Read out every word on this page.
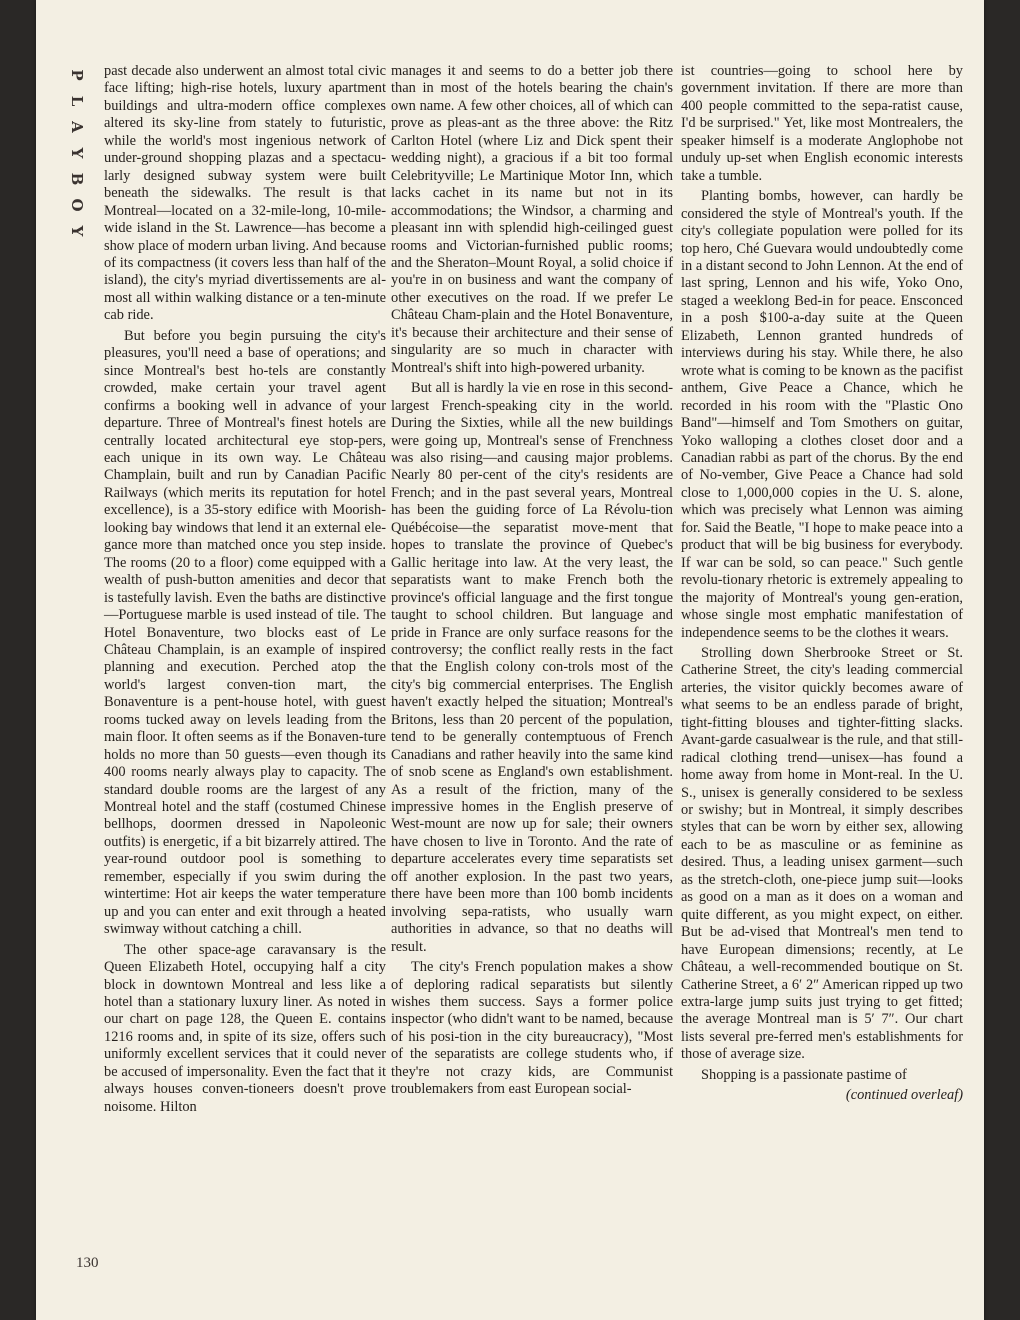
P
L
A
Y
B
O
Y
130

past decade also underwent an almost total civic face lifting; high-rise hotels, luxury apartment buildings and ultra-modern office complexes altered its sky-line from stately to futuristic, while the world's most ingenious network of under-ground shopping plazas and a spectacu-larly designed subway system were built beneath the sidewalks. The result is that Montreal—located on a 32-mile-long, 10-mile-wide island in the St. Lawrence—has become a show place of modern urban living. And because of its compactness (it covers less than half of the island), the city's myriad divertissements are al-most all within walking distance or a ten-minute cab ride.

But before you begin pursuing the city's pleasures, you'll need a base of operations; and since Montreal's best ho-tels are constantly crowded, make certain your travel agent confirms a booking well in advance of your departure. Three of Montreal's finest hotels are centrally located architectural eye stop-pers, each unique in its own way. Le Château Champlain, built and run by Canadian Pacific Railways (which merits its reputation for hotel excellence), is a 35-story edifice with Moorish-looking bay windows that lend it an external ele-gance more than matched once you step inside. The rooms (20 to a floor) come equipped with a wealth of push-button amenities and decor that is tastefully lavish. Even the baths are distinctive—Portuguese marble is used instead of tile. The Hotel Bonaventure, two blocks east of Le Château Champlain, is an example of inspired planning and execution. Perched atop the world's largest conven-tion mart, the Bonaventure is a pent-house hotel, with guest rooms tucked away on levels leading from the main floor. It often seems as if the Bonaven-ture holds no more than 50 guests—even though its 400 rooms nearly always play to capacity. The standard double rooms are the largest of any Montreal hotel and the staff (costumed Chinese bellhops, doormen dressed in Napoleonic outfits) is energetic, if a bit bizarrely attired. The year-round outdoor pool is something to remember, especially if you swim during the wintertime: Hot air keeps the water temperature up and you can enter and exit through a heated swimway without catching a chill.

The other space-age caravansary is the Queen Elizabeth Hotel, occupying half a city block in downtown Montreal and less like a hotel than a stationary luxury liner. As noted in our chart on page 128, the Queen E. contains 1216 rooms and, in spite of its size, offers such uniformly excellent services that it could never be accused of impersonality. Even the fact that it always houses conven-tioneers doesn't prove noisome. Hilton

manages it and seems to do a better job there than in most of the hotels bearing the chain's own name. A few other choices, all of which can prove as pleas-ant as the three above: the Ritz Carlton Hotel (where Liz and Dick spent their wedding night), a gracious if a bit too formal Celebrityville; Le Martinique Motor Inn, which lacks cachet in its name but not in its accommodations; the Windsor, a charming and pleasant inn with splendid high-ceilinged guest rooms and Victorian-furnished public rooms; and the Sheraton–Mount Royal, a solid choice if you're in on business and want the company of other executives on the road. If we prefer Le Château Cham-plain and the Hotel Bonaventure, it's because their architecture and their sense of singularity are so much in character with Montreal's shift into high-powered urbanity.

But all is hardly la vie en rose in this second-largest French-speaking city in the world. During the Sixties, while all the new buildings were going up, Montreal's sense of Frenchness was also rising—and causing major problems. Nearly 80 per-cent of the city's residents are French; and in the past several years, Montreal has been the guiding force of La Révolu-tion Québécoise—the separatist move-ment that hopes to translate the province of Quebec's Gallic heritage into law. At the very least, the separatists want to make French both the province's official language and the first tongue taught to school children. But language and pride in France are only surface reasons for the controversy; the conflict really rests in the fact that the English colony con-trols most of the city's big commercial enterprises. The English haven't exactly helped the situation; Montreal's Britons, less than 20 percent of the population, tend to be generally contemptuous of French Canadians and rather heavily into the same kind of snob scene as England's own establishment. As a result of the friction, many of the impressive homes in the English preserve of West-mount are now up for sale; their owners have chosen to live in Toronto. And the rate of departure accelerates every time separatists set off another explosion. In the past two years, there have been more than 100 bomb incidents involving sepa-ratists, who usually warn authorities in advance, so that no deaths will result.

The city's French population makes a show of deploring radical separatists but silently wishes them success. Says a former police inspector (who didn't want to be named, because of his posi-tion in the city bureaucracy), "Most of the separatists are college students who, if they're not crazy kids, are Communist troublemakers from east European social-

ist countries—going to school here by government invitation. If there are more than 400 people committed to the sepa-ratist cause, I'd be surprised." Yet, like most Montrealers, the speaker himself is a moderate Anglophobe not unduly up-set when English economic interests take a tumble.

Planting bombs, however, can hardly be considered the style of Montreal's youth. If the city's collegiate population were polled for its top hero, Ché Guevara would undoubtedly come in a distant second to John Lennon. At the end of last spring, Lennon and his wife, Yoko Ono, staged a weeklong Bed-in for peace. Ensconced in a posh $100-a-day suite at the Queen Elizabeth, Lennon granted hundreds of interviews during his stay. While there, he also wrote what is coming to be known as the pacifist anthem, Give Peace a Chance, which he recorded in his room with the "Plastic Ono Band"—himself and Tom Smothers on guitar, Yoko walloping a clothes closet door and a Canadian rabbi as part of the chorus. By the end of No-vember, Give Peace a Chance had sold close to 1,000,000 copies in the U. S. alone, which was precisely what Lennon was aiming for. Said the Beatle, "I hope to make peace into a product that will be big business for everybody. If war can be sold, so can peace." Such gentle revolu-tionary rhetoric is extremely appealing to the majority of Montreal's young gen-eration, whose single most emphatic manifestation of independence seems to be the clothes it wears.

Strolling down Sherbrooke Street or St. Catherine Street, the city's leading commercial arteries, the visitor quickly becomes aware of what seems to be an endless parade of bright, tight-fitting blouses and tighter-fitting slacks. Avant-garde casualwear is the rule, and that still-radical clothing trend—unisex—has found a home away from home in Mont-real. In the U. S., unisex is generally considered to be sexless or swishy; but in Montreal, it simply describes styles that can be worn by either sex, allowing each to be as masculine or as feminine as desired. Thus, a leading unisex garment—such as the stretch-cloth, one-piece jump suit—looks as good on a man as it does on a woman and quite different, as you might expect, on either. But be ad-vised that Montreal's men tend to have European dimensions; recently, at Le Château, a well-recommended boutique on St. Catherine Street, a 6′ 2″ American ripped up two extra-large jump suits just trying to get fitted; the average Montreal man is 5′ 7″. Our chart lists several pre-ferred men's establishments for those of average size.

Shopping is a passionate pastime of

(continued overleaf)
